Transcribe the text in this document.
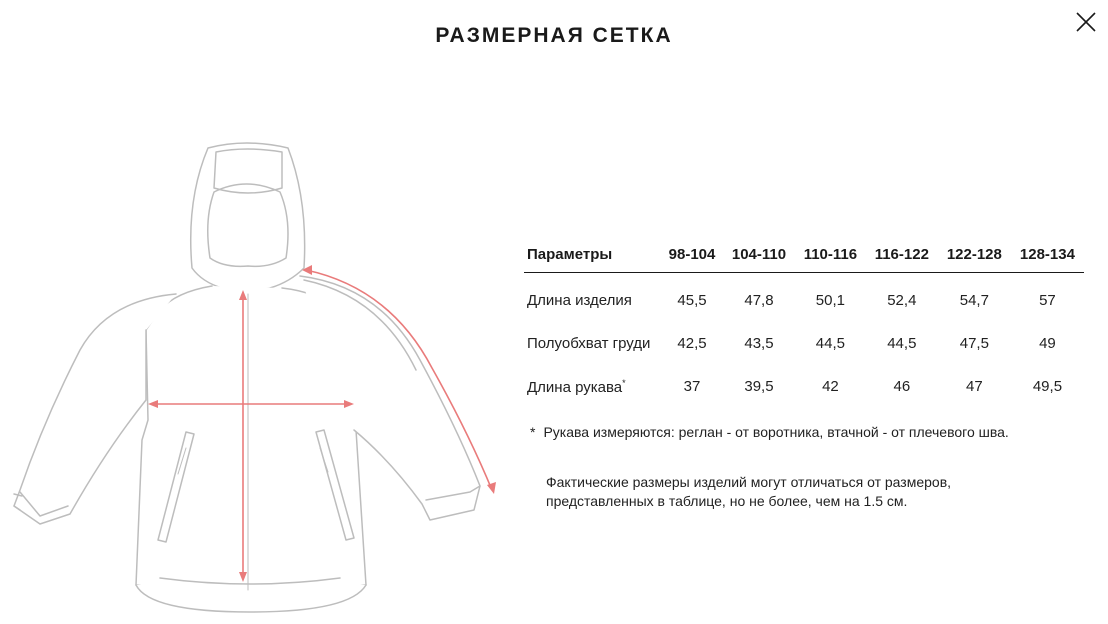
РАЗМЕРНАЯ СЕТКА
Параметры	98-104	104-110	110-116	116-122	122-128	128-134
Длина изделия	45,5	47,8	50,1	52,4	54,7	57
Полуобхват груди	42,5	43,5	44,5	44,5	47,5	49
Длина рукава*	37	39,5	42	46	47	49,5
* Рукава измеряются: реглан - от воротника, втачной - от плечевого шва.
Фактические размеры изделий могут отличаться от размеров,
представленных в таблице, но не более, чем на 1.5 см.
